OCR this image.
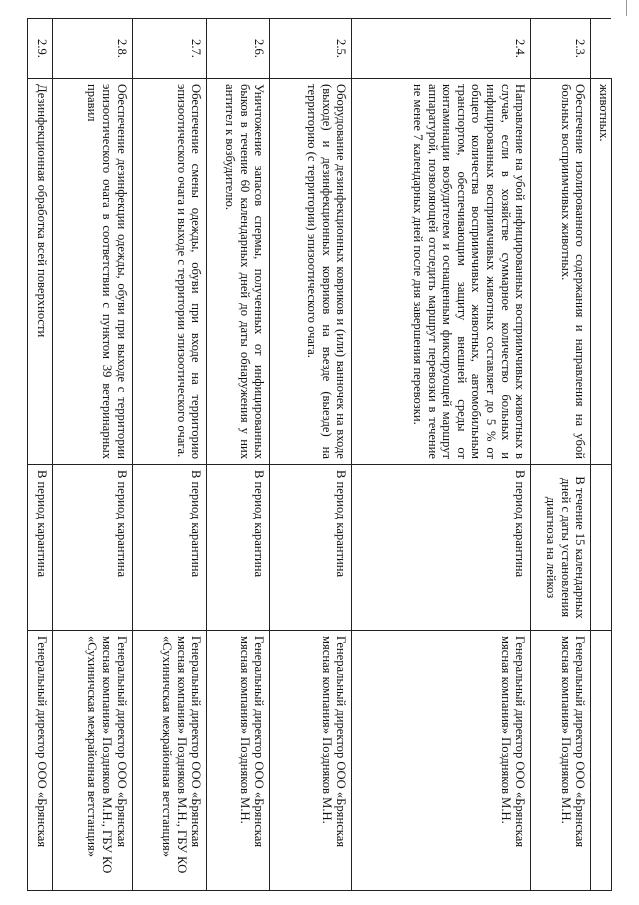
	животных.		
2.3.	Обеспечение изолированного содержания и направления на убой больных восприимчивых животных.	В течение 15 календарных дней с даты установления диагноза на лейкоз	Генеральный директор ООО «Брянская мясная компания» Поздняков М.Н.
2.4.	Направление на убой инфицированных восприимчивых животных в случае, если в хозяйстве суммарное количество больных и инфицированных восприимчивых животных составляет до 5 % от общего количества восприимчивых животных, автомобильным транспортом, обеспечивающим защиту внешней среды от контаминации возбудителем и оснащенным фиксирующей маршрут аппаратурой, позволяющей отследить маршрут перевозки в течение не менее 7 календарных дней после дня завершения перевозки.	В период карантина	Генеральный директор ООО «Брянская мясная компания» Поздняков М.Н.
2.5.	Оборудование дезинфекционных ковриков и (или) ванночек на входе (выходе) и дезинфекционных ковриков на въезде (выезде) на территорию (с территории) эпизоотического очага.	В период карантина	Генеральный директор ООО «Брянская мясная компания» Поздняков М.Н.
2.6.	Уничтожение запасов спермы, полученных от инфицированных быков в течение 60 календарных дней до даты обнаружения у них антител к возбудителю.	В период карантина	Генеральный директор ООО «Брянская мясная компания» Поздняков М.Н.
2.7.	Обеспечение смены одежды, обуви при входе на территорию эпизоотического очага и выходе с территории эпизоотического очага.	В период карантина	Генеральный директор ООО «Брянская мясная компания» Поздняков М.Н., ГБУ КО «Сухиничская межрайонная ветстанция»
2.8.	Обеспечение дезинфекции одежды, обуви при выходе с территории эпизоотического очага в соответствии с пунктом 39 ветеринарных правил	В период карантина	Генеральный директор ООО «Брянская мясная компания» Поздняков М.Н., ГБУ КО «Сухиничская межрайонная ветстанция»
2.9.	Дезинфекционная обработка всей поверхности	В период карантина	Генеральный директор ООО «Брянская
